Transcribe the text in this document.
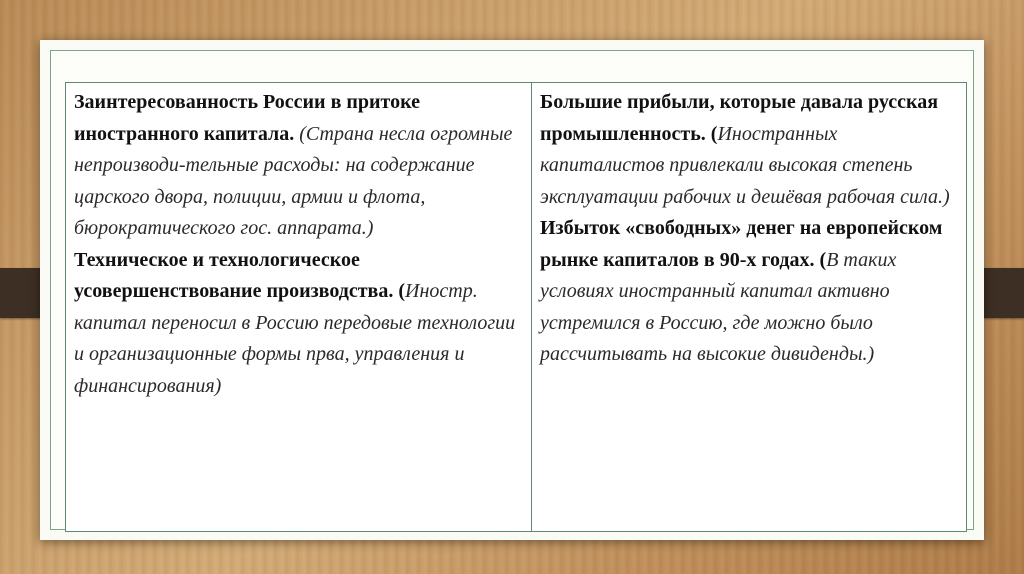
Заинтересованность России в притоке иностранного капитала. (Страна несла огромные непроизводи-тельные расходы: на содержание царского двора, полиции, армии и флота, бюрократического гос. аппарата.)
Техническое и технологическое усовершенствование производства. (Иностр. капитал переносил в Россию передовые технологии и организационные формы прва, управления и финансирования)
Большие прибыли, которые давала русская промышленность. (Иностранных капиталистов привлекали высокая степень эксплуатации рабочих и дешёвая рабочая сила.)
Избыток «свободных» денег на европейском рынке капиталов в 90-х годах. (В таких условиях иностранный капитал активно устремился в Россию, где можно было рассчитывать на высокие дивиденды.)
